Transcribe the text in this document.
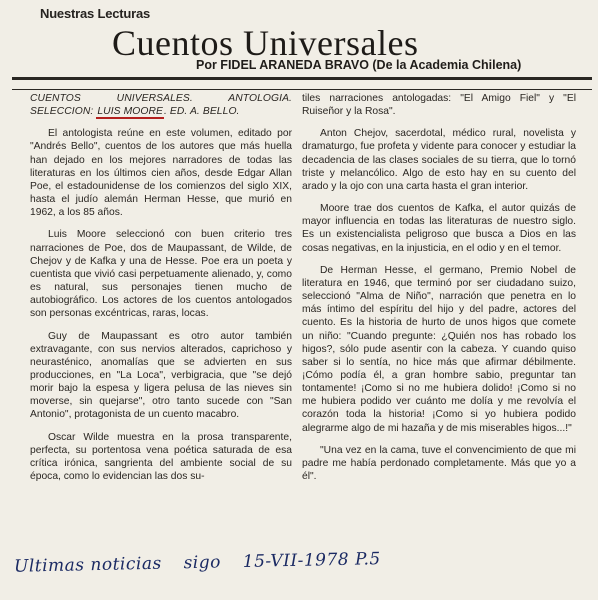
Nuestras Lecturas
Cuentos Universales
Por FIDEL ARANEDA BRAVO (De la Academia Chilena)
CUENTOS UNIVERSALES. ANTOLOGIA. SELECCION: LUIS MOORE. ED. A. BELLO.

El antologista reúne en este volumen, editado por "Andrés Bello", cuentos de los autores que más huella han dejado en los mejores narradores de todas las literaturas en los últimos cien años, desde Edgar Allan Poe, el estadounidense de los comienzos del siglo XIX, hasta el judío alemán Herman Hesse, que murió en 1962, a los 85 años.

Luis Moore seleccionó con buen criterio tres narraciones de Poe, dos de Maupassant, de Wilde, de Chejov y de Kafka y una de Hesse. Poe era un poeta y cuentista que vivió casi perpetuamente alienado, y, como es natural, sus personajes tienen mucho de autobiográfico. Los actores de los cuentos antologados son personas excéntricas, raras, locas.

Guy de Maupassant es otro autor también extravagante, con sus nervios alterados, caprichoso y neurasténico, anomalías que se advierten en sus producciones, en "La Loca", verbigracia, que "se dejó morir bajo la espesa y ligera pelusa de las nieves sin moverse, sin quejarse", otro tanto sucede con "San Antonio", protagonista de un cuento macabro.

Oscar Wilde muestra en la prosa transparente, perfecta, su portentosa vena poética saturada de esa crítica irónica, sangrienta del ambiente social de su época, como lo evidencian las dos su-

tiles narraciones antologadas: "El Amigo Fiel" y "El Ruiseñor y la Rosa".

Anton Chejov, sacerdotal, médico rural, novelista y dramaturgo, fue profeta y vidente para conocer y estudiar la decadencia de las clases sociales de su tierra, que lo tornó triste y melancólico. Algo de esto hay en su cuento del arado y la ojo con una carta hasta el gran interior.

Moore trae dos cuentos de Kafka, el autor quizás de mayor influencia en todas las literaturas de nuestro siglo. Es un existencialista peligroso que busca a Dios en las cosas negativas, en la injusticia, en el odio y en el temor.

De Herman Hesse, el germano, Premio Nobel de literatura en 1946, que terminó por ser ciudadano suizo, seleccionó "Alma de Niño", narración que penetra en lo más íntimo del espíritu del hijo y del padre, actores del cuento. Es la historia de hurto de unos higos que comete un niño: "Cuando pregunte: ¿Quién nos has robado los higos?, sólo pude asentir con la cabeza. Y cuando quiso saber si lo sentía, no hice más que afirmar débilmente. ¡Cómo podía él, a gran hombre sabio, preguntar tan tontamente! ¡Como si no me hubiera dolido! ¡Como si no me hubiera podido ver cuánto me dolía y me revolvía el corazón toda la historia! ¡Como si yo hubiera podido alegrarme algo de mi hazaña y de mis miserables higos...!"

"Una vez en la cama, tuve el convencimiento de que mi padre me había perdonado completamente. Más que yo a él".

Ultimas noticias sigo 15-VII-1978 P.5
